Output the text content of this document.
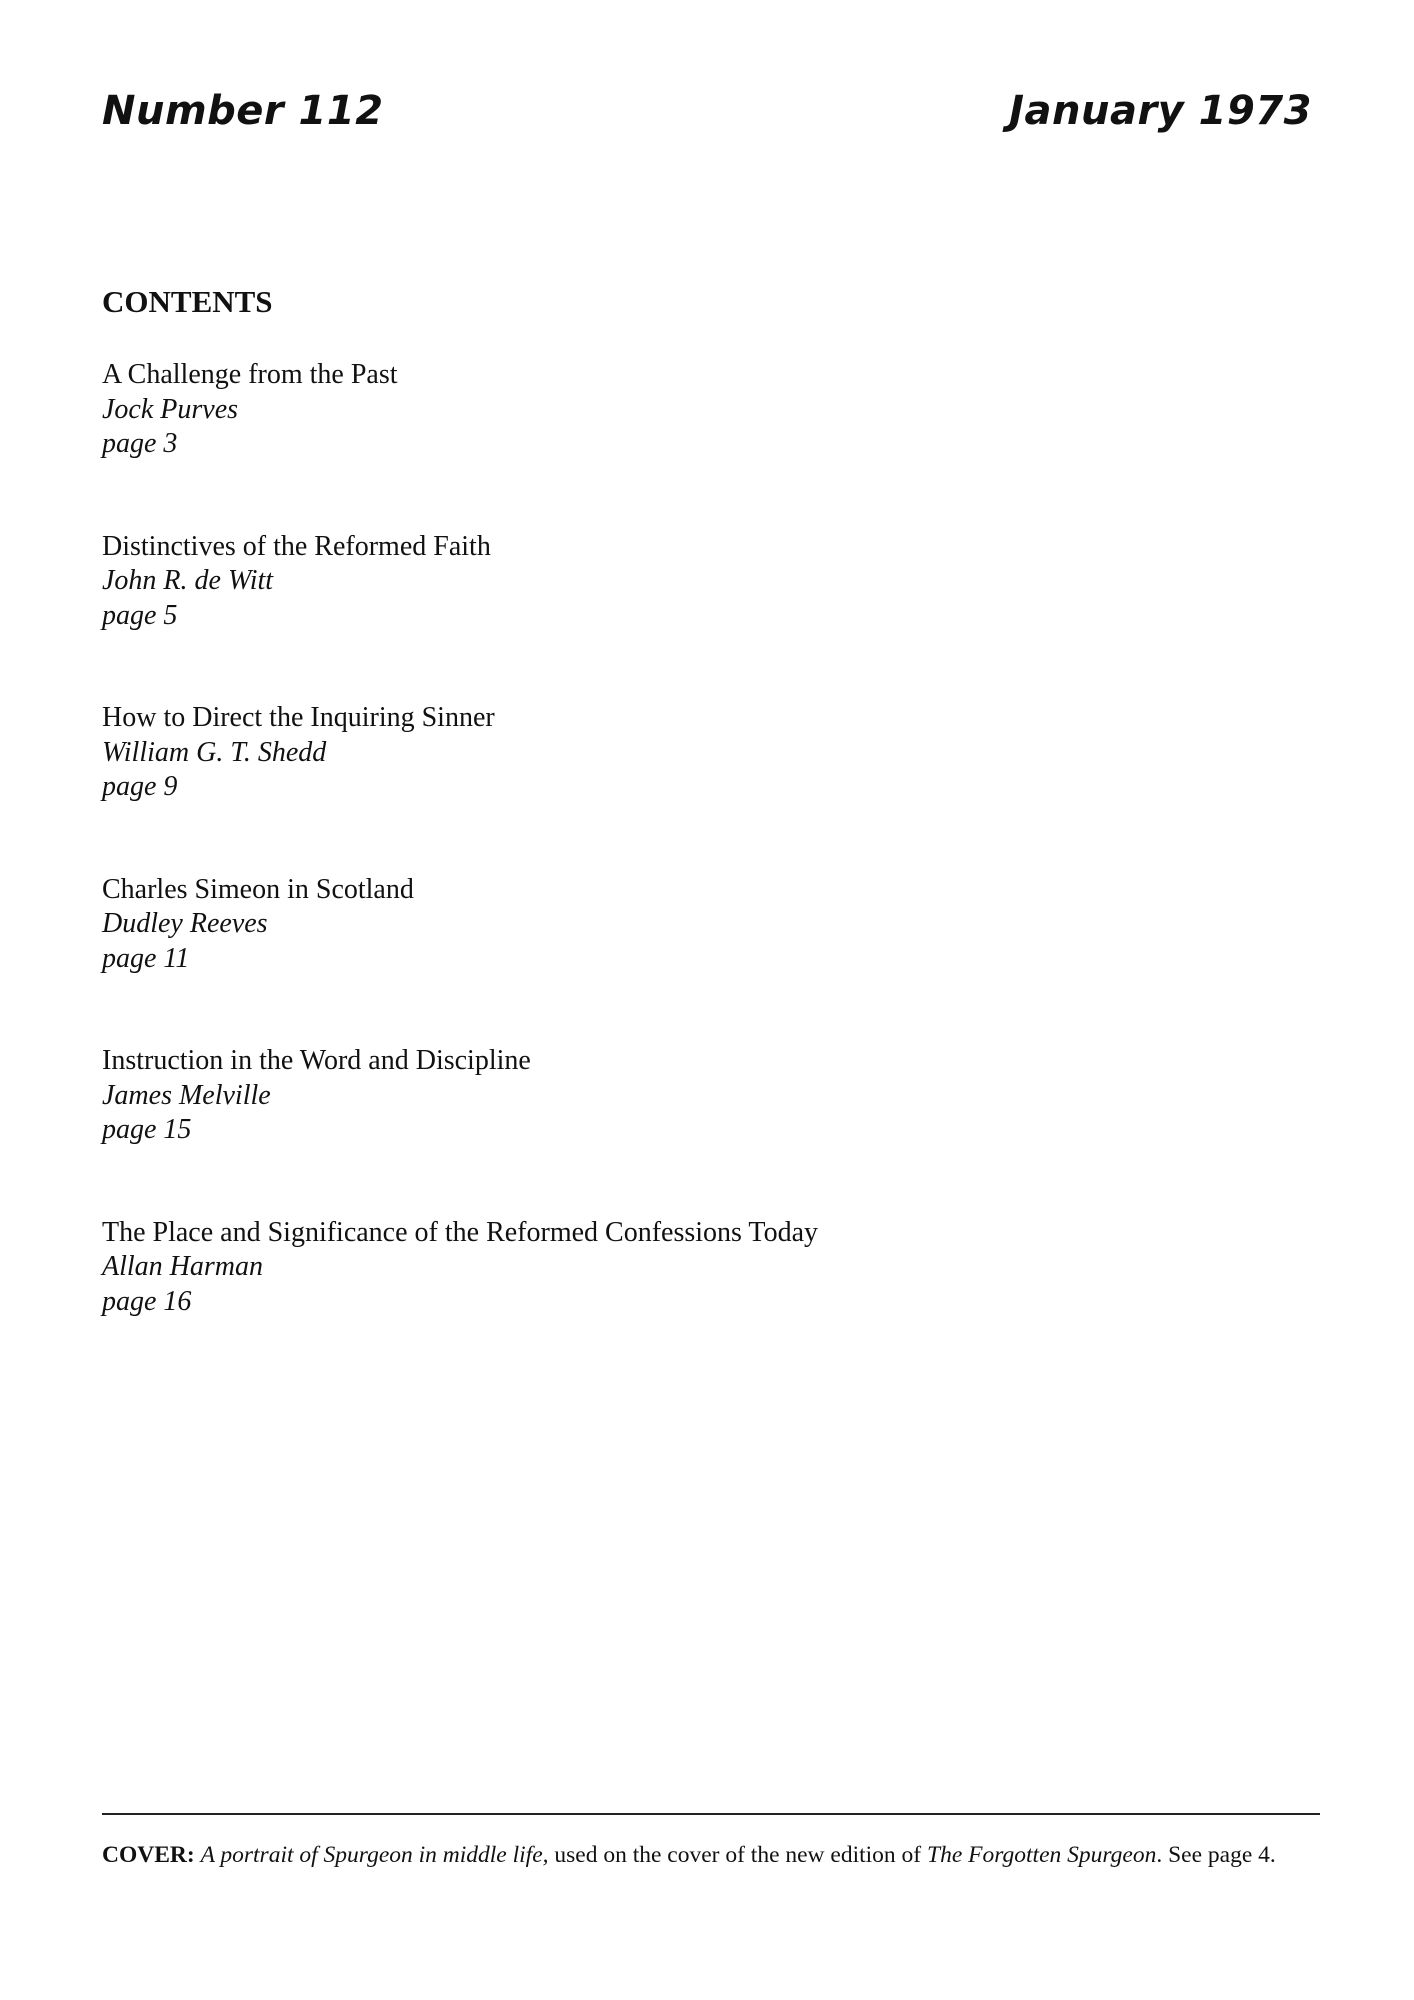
Number 112	January 1973
CONTENTS
A Challenge from the Past
Jock Purves
page 3
Distinctives of the Reformed Faith
John R. de Witt
page 5
How to Direct the Inquiring Sinner
William G. T. Shedd
page 9
Charles Simeon in Scotland
Dudley Reeves
page 11
Instruction in the Word and Discipline
James Melville
page 15
The Place and Significance of the Reformed Confessions Today
Allan Harman
page 16
COVER: A portrait of Spurgeon in middle life, used on the cover of the new edition of The Forgotten Spurgeon. See page 4.
